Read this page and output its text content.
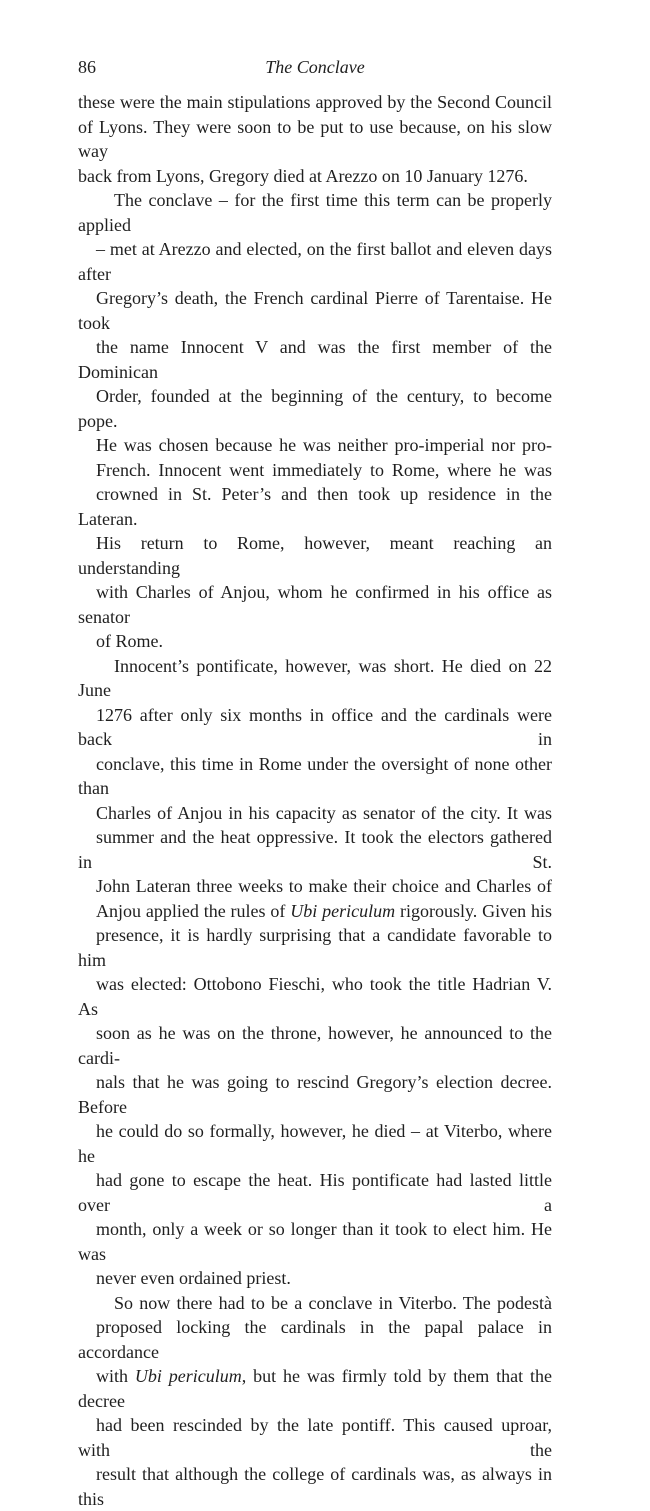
86	The Conclave
these were the main stipulations approved by the Second Council
of Lyons. They were soon to be put to use because, on his slow way
back from Lyons, Gregory died at Arezzo on 10 January 1276.
The conclave – for the first time this term can be properly applied
– met at Arezzo and elected, on the first ballot and eleven days after
Gregory’s death, the French cardinal Pierre of Tarentaise. He took
the name Innocent V and was the first member of the Dominican
Order, founded at the beginning of the century, to become pope.
He was chosen because he was neither pro-imperial nor pro-
French. Innocent went immediately to Rome, where he was
crowned in St. Peter’s and then took up residence in the Lateran.
His return to Rome, however, meant reaching an understanding
with Charles of Anjou, whom he confirmed in his office as senator
of Rome.
Innocent’s pontificate, however, was short. He died on 22 June
1276 after only six months in office and the cardinals were back in
conclave, this time in Rome under the oversight of none other than
Charles of Anjou in his capacity as senator of the city. It was
summer and the heat oppressive. It took the electors gathered in St.
John Lateran three weeks to make their choice and Charles of
Anjou applied the rules of Ubi periculum rigorously. Given his
presence, it is hardly surprising that a candidate favorable to him
was elected: Ottobono Fieschi, who took the title Hadrian V. As
soon as he was on the throne, however, he announced to the cardi-
nals that he was going to rescind Gregory’s election decree. Before
he could do so formally, however, he died – at Viterbo, where he
had gone to escape the heat. His pontificate had lasted little over a
month, only a week or so longer than it took to elect him. He was
never even ordained priest.
So now there had to be a conclave in Viterbo. The podestà
proposed locking the cardinals in the papal palace in accordance
with Ubi periculum, but he was firmly told by them that the decree
had been rescinded by the late pontiff. This caused uproar, with the
result that although the college of cardinals was, as always in this
